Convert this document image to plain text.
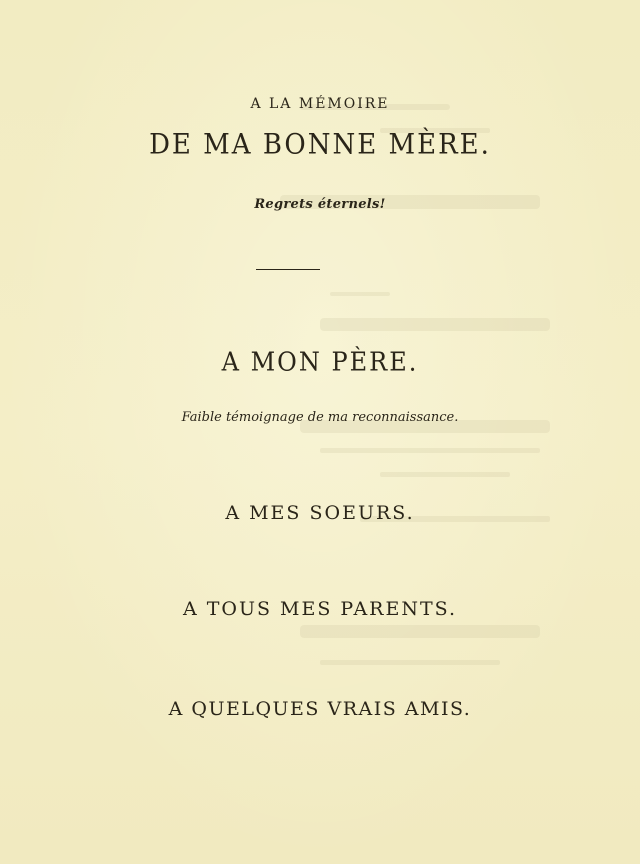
A LA MÉMOIRE

DE MA BONNE MÈRE.

Regrets éternels!

A MON PÈRE.

Faible témoignage de ma reconnaissance.

A MES SOEURS.

A TOUS MES PARENTS.

A QUELQUES VRAIS AMIS.
